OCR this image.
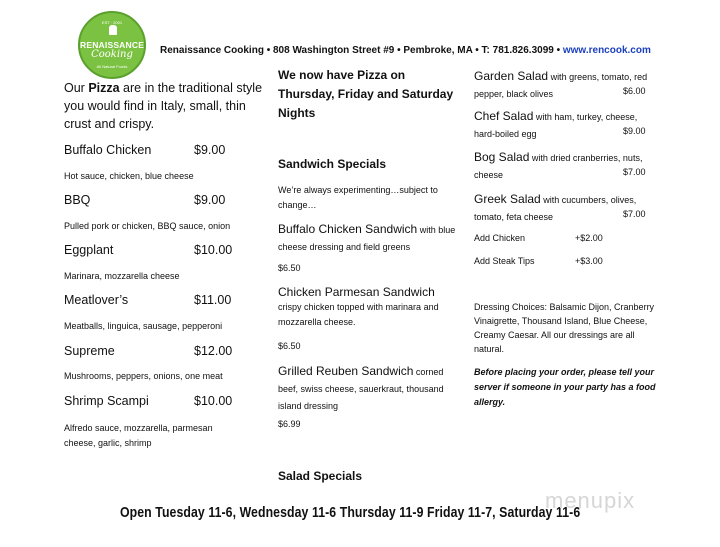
EST · 2001
RENAISSANCE
Cooking
All Natural Foods
Renaissance Cooking • 808 Washington Street #9 • Pembroke, MA • T: 781.826.3099 • www.rencook.com
Our Pizza are in the traditional style you would find in Italy, small, thin crust and crispy.
Buffalo Chicken	$9.00
Hot sauce, chicken, blue cheese
BBQ	$9.00
Pulled pork or chicken, BBQ sauce, onion
Eggplant	$10.00
Marinara, mozzarella cheese
Meatlover’s	$11.00
Meatballs, linguica, sausage, pepperoni
Supreme	$12.00
Mushrooms, peppers, onions, one meat
Shrimp Scampi	$10.00
Alfredo sauce, mozzarella, parmesan cheese, garlic, shrimp
We now have Pizza on Thursday, Friday and Saturday Nights
Sandwich Specials
We’re always experimenting…subject to change…
Buffalo Chicken Sandwich with blue cheese dressing and field greens
$6.50
Chicken Parmesan Sandwich
crispy chicken topped with marinara and mozzarella cheese.
$6.50
Grilled Reuben Sandwich corned beef, swiss cheese, sauerkraut, thousand island dressing
$6.99
Salad Specials
Garden Salad with greens, tomato, red pepper, black olives	$6.00
Chef Salad with ham, turkey, cheese, hard-boiled egg	$9.00
Bog Salad with dried cranberries, nuts, cheese	$7.00
Greek Salad with cucumbers, olives, tomato, feta cheese	$7.00
Add Chicken	+$2.00
Add Steak Tips	+$3.00
Dressing Choices: Balsamic Dijon, Cranberry Vinaigrette, Thousand Island, Blue Cheese, Creamy Caesar. All our dressings are all natural.
Before placing your order, please tell your server if someone in your party has a food allergy.
Open Tuesday 11-6, Wednesday 11-6 Thursday 11-9 Friday 11-7, Saturday 11-6
menupix
